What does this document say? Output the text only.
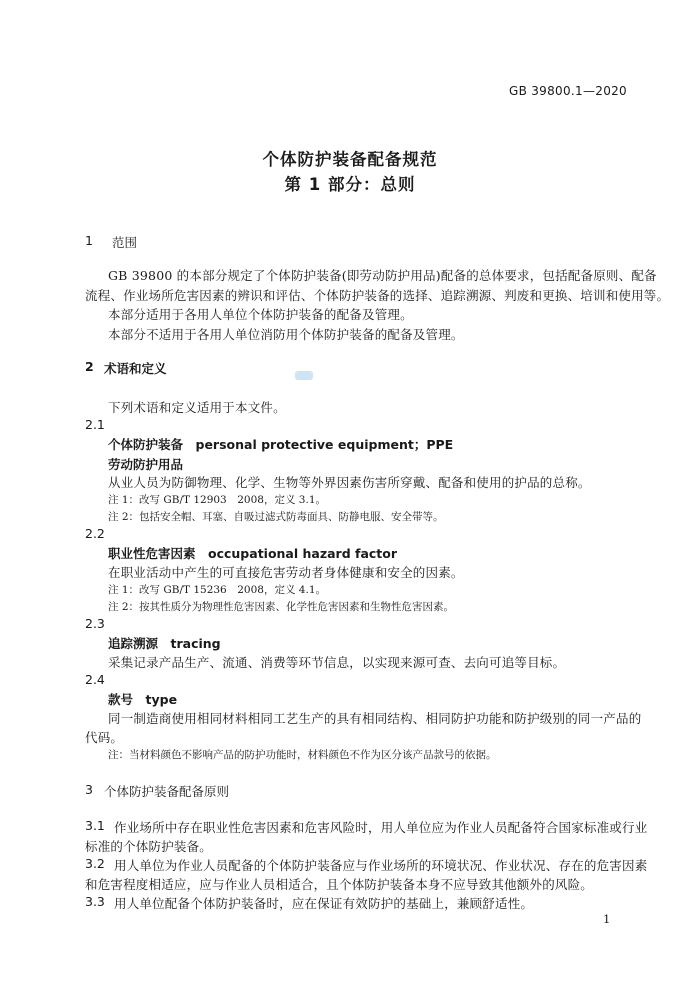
GB 39800.1—2020
个体防护装备配备规范
第 1 部分：总则
1 范围
GB 39800 的本部分规定了个体防护装备(即劳动防护用品)配备的总体要求，包括配备原则、配备
流程、作业场所危害因素的辨识和评估、个体防护装备的选择、追踪溯源、判废和更换、培训和使用等。
本部分适用于各用人单位个体防护装备的配备及管理。
本部分不适用于各用人单位消防用个体防护装备的配备及管理。
2 术语和定义
下列术语和定义适用于本文件。
2.1
个体防护装备　personal protective equipment；PPE
劳动防护用品
从业人员为防御物理、化学、生物等外界因素伤害所穿戴、配备和使用的护品的总称。
注 1：改写 GB/T 12903　2008，定义 3.1。
注 2：包括安全帽、耳塞、自吸过滤式防毒面具、防静电服、安全带等。
2.2
职业性危害因素　occupational hazard factor
在职业活动中产生的可直接危害劳动者身体健康和安全的因素。
注 1：改写 GB/T 15236　2008，定义 4.1。
注 2：按其性质分为物理性危害因素、化学性危害因素和生物性危害因素。
2.3
追踪溯源　tracing
采集记录产品生产、流通、消费等环节信息，以实现来源可查、去向可追等目标。
2.4
款号　type
同一制造商使用相同材料相同工艺生产的具有相同结构、相同防护功能和防护级别的同一产品的
代码。
注：当材料颜色不影响产品的防护功能时，材料颜色不作为区分该产品款号的依据。
3 个体防护装备配备原则
3.1 作业场所中存在职业性危害因素和危害风险时，用人单位应为作业人员配备符合国家标准或行业
标准的个体防护装备。
3.2 用人单位为作业人员配备的个体防护装备应与作业场所的环境状况、作业状况、存在的危害因素
和危害程度相适应，应与作业人员相适合，且个体防护装备本身不应导致其他额外的风险。
3.3 用人单位配备个体防护装备时，应在保证有效防护的基础上，兼顾舒适性。
1
